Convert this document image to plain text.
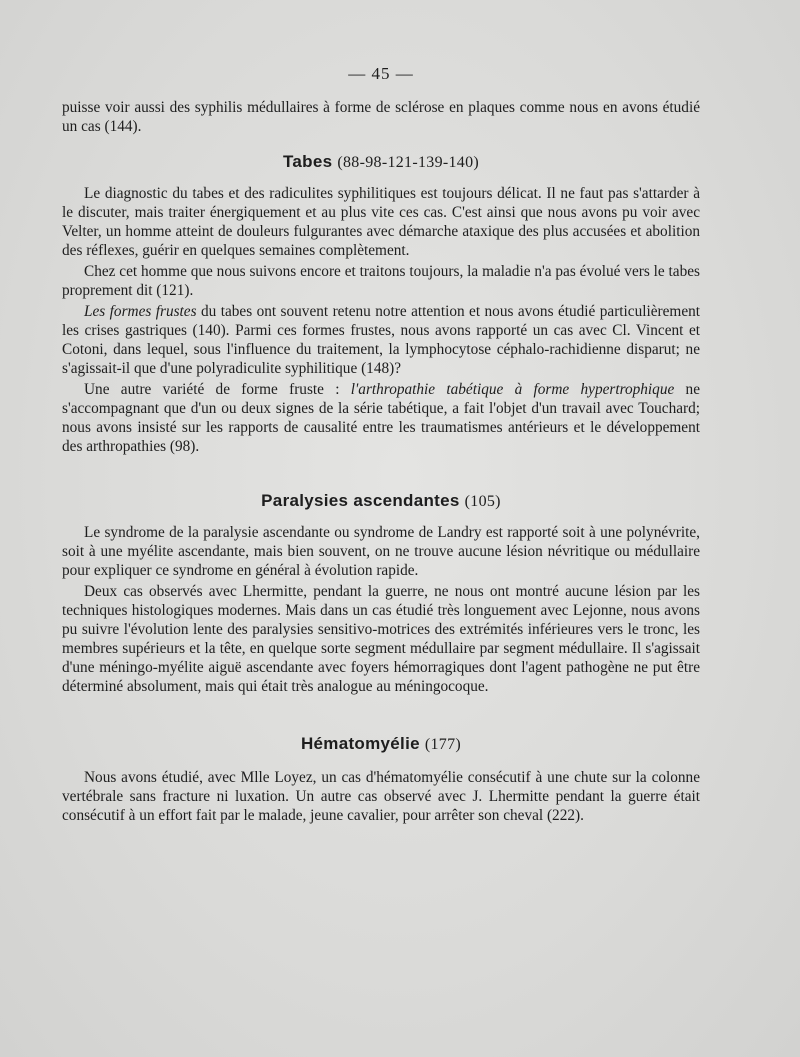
— 45 —

puisse voir aussi des syphilis médullaires à forme de sclérose en plaques comme nous en avons étudié un cas (144).

Tabes (88-98-121-139-140)

Le diagnostic du tabes et des radiculites syphilitiques est toujours délicat. Il ne faut pas s'attarder à le discuter, mais traiter énergiquement et au plus vite ces cas. C'est ainsi que nous avons pu voir avec Velter, un homme atteint de douleurs fulgurantes avec démarche ataxique des plus accusées et abolition des réflexes, guérir en quelques semaines complètement.

Chez cet homme que nous suivons encore et traitons toujours, la maladie n'a pas évolué vers le tabes proprement dit (121).

Les formes frustes du tabes ont souvent retenu notre attention et nous avons étudié particulièrement les crises gastriques (140). Parmi ces formes frustes, nous avons rapporté un cas avec Cl. Vincent et Cotoni, dans lequel, sous l'influence du traitement, la lymphocytose céphalo-rachidienne disparut; ne s'agissait-il que d'une polyradiculite syphilitique (148)?

Une autre variété de forme fruste : l'arthropathie tabétique à forme hypertrophique ne s'accompagnant que d'un ou deux signes de la série tabétique, a fait l'objet d'un travail avec Touchard; nous avons insisté sur les rapports de causalité entre les traumatismes antérieurs et le développement des arthropathies (98).

Paralysies ascendantes (105)

Le syndrome de la paralysie ascendante ou syndrome de Landry est rapporté soit à une polynévrite, soit à une myélite ascendante, mais bien souvent, on ne trouve aucune lésion névritique ou médullaire pour expliquer ce syndrome en général à évolution rapide.

Deux cas observés avec Lhermitte, pendant la guerre, ne nous ont montré aucune lésion par les techniques histologiques modernes. Mais dans un cas étudié très longuement avec Lejonne, nous avons pu suivre l'évolution lente des paralysies sensitivo-motrices des extrémités inférieures vers le tronc, les membres supérieurs et la tête, en quelque sorte segment médullaire par segment médullaire. Il s'agissait d'une méningo-myélite aiguë ascendante avec foyers hémorragiques dont l'agent pathogène ne put être déterminé absolument, mais qui était très analogue au méningocoque.

Hématomyélie (177)

Nous avons étudié, avec Mlle Loyez, un cas d'hématomyélie consécutif à une chute sur la colonne vertébrale sans fracture ni luxation. Un autre cas observé avec J. Lhermitte pendant la guerre était consécutif à un effort fait par le malade, jeune cavalier, pour arrêter son cheval (222).
